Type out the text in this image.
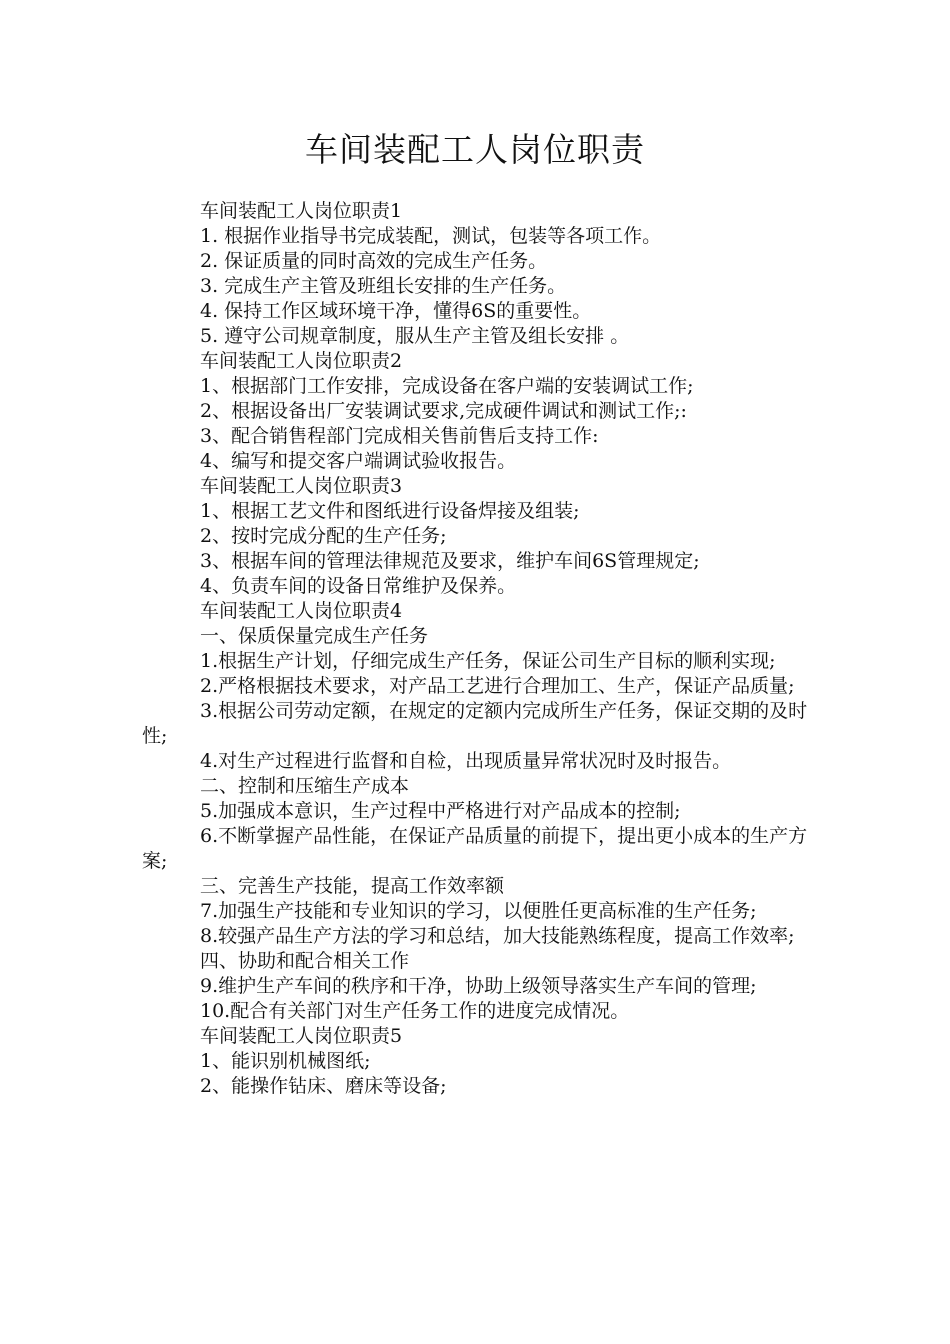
车间装配工人岗位职责

车间装配工人岗位职责1

1. 根据作业指导书完成装配，测试，包装等各项工作。

2. 保证质量的同时高效的完成生产任务。

3. 完成生产主管及班组长安排的生产任务。

4. 保持工作区域环境干净，懂得6S的重要性。

5. 遵守公司规章制度，服从生产主管及组长安排 。

车间装配工人岗位职责2

1、根据部门工作安排，完成设备在客户端的安装调试工作;

2、根据设备出厂安装调试要求,完成硬件调试和测试工作;:

3、配合销售程部门完成相关售前售后支持工作:

4、编写和提交客户端调试验收报告。

车间装配工人岗位职责3

1、根据工艺文件和图纸进行设备焊接及组装;

2、按时完成分配的生产任务;

3、根据车间的管理法律规范及要求，维护车间6S管理规定;

4、负责车间的设备日常维护及保养。

车间装配工人岗位职责4

一、保质保量完成生产任务

1.根据生产计划，仔细完成生产任务，保证公司生产目标的顺利实现;

2.严格根据技术要求，对产品工艺进行合理加工、生产，保证产品质量;

3.根据公司劳动定额，在规定的定额内完成所生产任务，保证交期的及时性;

4.对生产过程进行监督和自检，出现质量异常状况时及时报告。

二、控制和压缩生产成本

5.加强成本意识，生产过程中严格进行对产品成本的控制;

6.不断掌握产品性能，在保证产品质量的前提下，提出更小成本的生产方案;

三、完善生产技能，提高工作效率额

7.加强生产技能和专业知识的学习，以便胜任更高标准的生产任务;

8.较强产品生产方法的学习和总结，加大技能熟练程度，提高工作效率;

四、协助和配合相关工作

9.维护生产车间的秩序和干净，协助上级领导落实生产车间的管理;

10.配合有关部门对生产任务工作的进度完成情况。

车间装配工人岗位职责5

1、能识别机械图纸;

2、能操作钻床、磨床等设备;
